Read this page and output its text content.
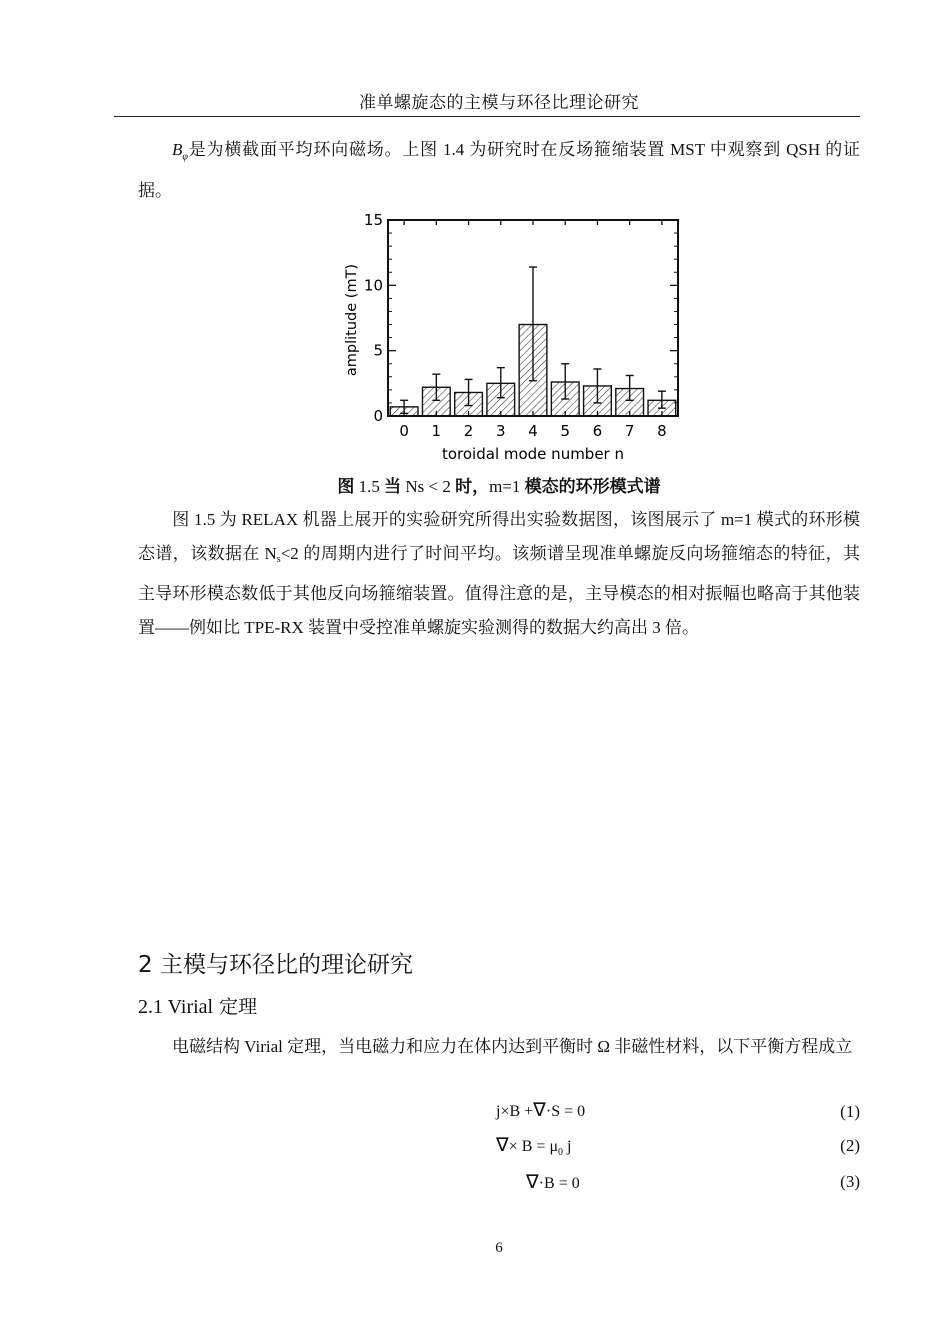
准单螺旋态的主模与环径比理论研究
$B_\varphi$是为横截面平均环向磁场。上图 1.4 为研究时在反场箍缩装置 MST 中观察到 QSH 的证据。
0 1 2 3 4 5 6 7 8
0
5
10
15
amplitude (mT)
toroidal mode number n
图 1.5 当 Ns < 2 时，m=1 模态的环形模式谱
图 1.5 为 RELAX 机器上展开的实验研究所得出实验数据图，该图展示了 m=1 模式的环形模态谱，该数据在 Ns<2 的周期内进行了时间平均。该频谱呈现准单螺旋反向场箍缩态的特征，其主导环形模态数低于其他反向场箍缩装置。值得注意的是，主导模态的相对振幅也略高于其他装置——例如比 TPE-RX 装置中受控准单螺旋实验测得的数据大约高出 3 倍。
2 主模与环径比的理论研究
2.1 Virial 定理
电磁结构 Virial 定理，当电磁力和应力在体内达到平衡时 Ω 非磁性材料，以下平衡方程成立
j×B +∇·S = 0	(1)
∇× $B = \mu_0$ j	(2)
∇·B = 0	(3)
6
